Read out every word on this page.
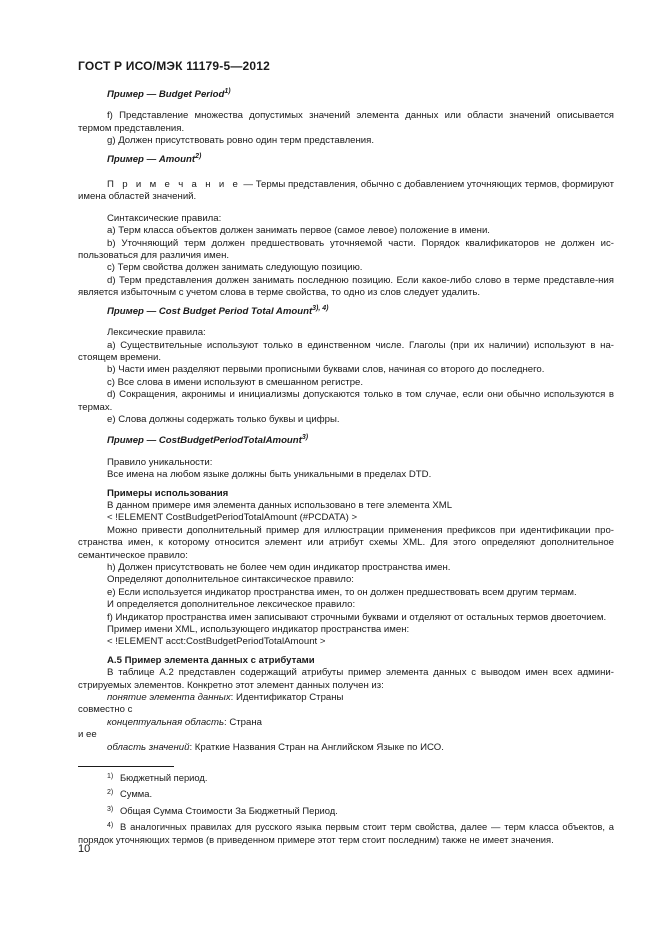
ГОСТ Р ИСО/МЭК 11179-5—2012

Пример — Budget Period$^{1)}$

f) Представление множества допустимых значений элемента данных или области значений описывается термом представления.

g) Должен присутствовать ровно один терм представления.

Пример — Amount$^{2)}$

П р и м е ч а н и е — Термы представления, обычно с добавлением уточняющих термов, формируют имена областей значений.

Синтаксические правила:

a) Терм класса объектов должен занимать первое (самое левое) положение в имени.

b) Уточняющий терм должен предшествовать уточняемой части. Порядок квалификаторов не должен ис-пользоваться для различия имен.

c) Терм свойства должен занимать следующую позицию.

d) Терм представления должен занимать последнюю позицию. Если какое-либо слово в терме представле-ния является избыточным с учетом слова в терме свойства, то одно из слов следует удалить.

Пример — Cost Budget Period Total Amount$^{3), 4)}$

Лексические правила:

a) Существительные используют только в единственном числе. Глаголы (при их наличии) используют в на-стоящем времени.

b) Части имен разделяют первыми прописными буквами слов, начиная со второго до последнего.

c) Все слова в имени используют в смешанном регистре.

d) Сокращения, акронимы и инициализмы допускаются только в том случае, если они обычно используются в термах.

e) Слова должны содержать только буквы и цифры.

Пример — CostBudgetPeriodTotalAmount$^{3)}$

Правило уникальности:

Все имена на любом языке должны быть уникальными в пределах DTD.

Примеры использования

В данном примере имя элемента данных использовано в теге элемента XML

< !ELEMENT CostBudgetPeriodTotalAmount (#PCDATA) >

Можно привести дополнительный пример для иллюстрации применения префиксов при идентификации про-странства имен, к которому относится элемент или атрибут схемы XML. Для этого определяют дополнительное семантическое правило:

h) Должен присутствовать не более чем один индикатор пространства имен.

Определяют дополнительное синтаксическое правило:

e) Если используется индикатор пространства имен, то он должен предшествовать всем другим термам.

И определяется дополнительное лексическое правило:

f) Индикатор пространства имен записывают строчными буквами и отделяют от остальных термов двоеточием.

Пример имени XML, использующего индикатор пространства имен:

< !ELEMENT acct:CostBudgetPeriodTotalAmount >

А.5 Пример элемента данных с атрибутами

В таблице А.2 представлен содержащий атрибуты пример элемента данных с выводом имен всех админи-стрируемых элементов. Конкретно этот элемент данных получен из:

понятие элемента данных: Идентификатор Страны

совместно с

концептуальная область: Страна

и ее

область значений: Краткие Названия Стран на Английском Языке по ИСО.

1) Бюджетный период.

2) Сумма.

3) Общая Сумма Стоимости За Бюджетный Период.

4) В аналогичных правилах для русского языка первым стоит терм свойства, далее — терм класса объектов, а порядок уточняющих термов (в приведенном примере этот терм стоит последним) также не имеет значения.

10
